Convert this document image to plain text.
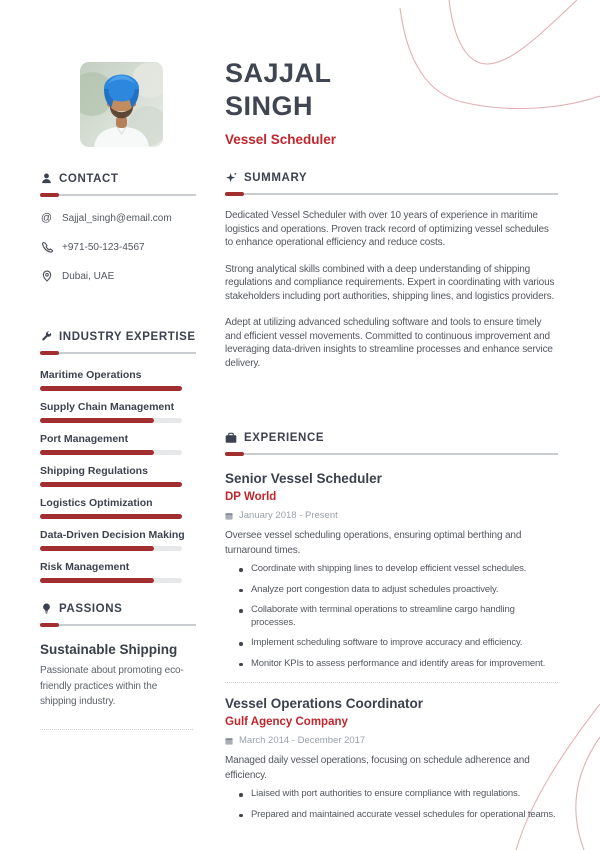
SAJJAL
SINGH
Vessel Scheduler
CONTACT
@ Sajjal_singh@email.com
+971-50-123-4567
Dubai, UAE
INDUSTRY EXPERTISE
Maritime Operations
Supply Chain Management
Port Management
Shipping Regulations
Logistics Optimization
Data-Driven Decision Making
Risk Management
PASSIONS
Sustainable Shipping
Passionate about promoting eco-friendly practices within the shipping industry.
SUMMARY

Dedicated Vessel Scheduler with over 10 years of experience in maritime logistics and operations. Proven track record of optimizing vessel schedules to enhance operational efficiency and reduce costs.

Strong analytical skills combined with a deep understanding of shipping regulations and compliance requirements. Expert in coordinating with various stakeholders including port authorities, shipping lines, and logistics providers.

Adept at utilizing advanced scheduling software and tools to ensure timely and efficient vessel movements. Committed to continuous improvement and leveraging data-driven insights to streamline processes and enhance service delivery.

EXPERIENCE
Senior Vessel Scheduler
DP World
January 2018 - Present
Oversee vessel scheduling operations, ensuring optimal berthing and turnaround times.
Coordinate with shipping lines to develop efficient vessel schedules.
Analyze port congestion data to adjust schedules proactively.
Collaborate with terminal operations to streamline cargo handling processes.
Implement scheduling software to improve accuracy and efficiency.
Monitor KPIs to assess performance and identify areas for improvement.
Vessel Operations Coordinator
Gulf Agency Company
March 2014 - December 2017
Managed daily vessel operations, focusing on schedule adherence and efficiency.
Liaised with port authorities to ensure compliance with regulations.
Prepared and maintained accurate vessel schedules for operational teams.
